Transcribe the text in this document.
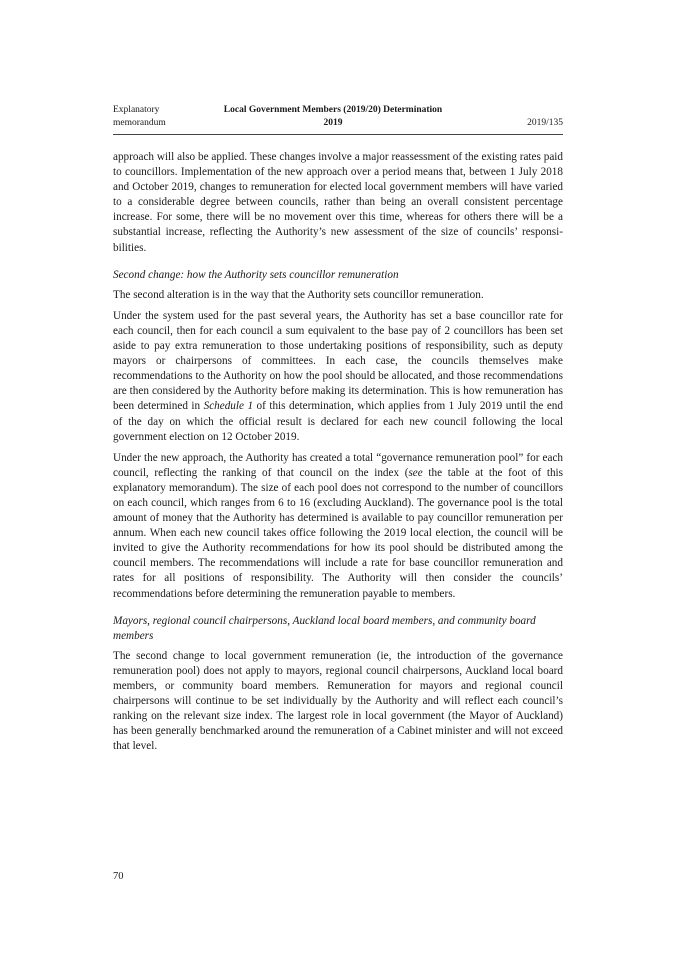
Explanatory
memorandum
Local Government Members (2019/20) Determination
2019	2019/135

approach will also be applied. These changes involve a major reassessment of the existing rates paid to councillors. Implementation of the new approach over a period means that, between 1 July 2018 and October 2019, changes to remuneration for elected local government members will have varied to a considerable degree between councils, rather than being an overall consistent percentage increase. For some, there will be no movement over this time, whereas for others there will be a substantial increase, reflecting the Authority’s new assessment of the size of councils’ responsibilities.

Second change: how the Authority sets councillor remuneration

The second alteration is in the way that the Authority sets councillor remuneration.

Under the system used for the past several years, the Authority has set a base councillor rate for each council, then for each council a sum equivalent to the base pay of 2 councillors has been set aside to pay extra remuneration to those undertaking positions of responsibility, such as deputy mayors or chairpersons of committees. In each case, the councils themselves make recommendations to the Authority on how the pool should be allocated, and those recommendations are then considered by the Authority before making its determination. This is how remuneration has been determined in Schedule 1 of this determination, which applies from 1 July 2019 until the end of the day on which the official result is declared for each new council following the local government election on 12 October 2019.

Under the new approach, the Authority has created a total “governance remuneration pool” for each council, reflecting the ranking of that council on the index (see the table at the foot of this explanatory memorandum). The size of each pool does not correspond to the number of councillors on each council, which ranges from 6 to 16 (excluding Auckland). The governance pool is the total amount of money that the Authority has determined is available to pay councillor remuneration per annum. When each new council takes office following the 2019 local election, the council will be invited to give the Authority recommendations for how its pool should be distributed among the council members. The recommendations will include a rate for base councillor remuneration and rates for all positions of responsibility. The Authority will then consider the councils’ recommendations before determining the remuneration payable to members.

Mayors, regional council chairpersons, Auckland local board members, and community board members

The second change to local government remuneration (ie, the introduction of the governance remuneration pool) does not apply to mayors, regional council chairpersons, Auckland local board members, or community board members. Remuneration for mayors and regional council chairpersons will continue to be set individually by the Authority and will reflect each council’s ranking on the relevant size index. The largest role in local government (the Mayor of Auckland) has been generally benchmarked around the remuneration of a Cabinet minister and will not exceed that level.

70
